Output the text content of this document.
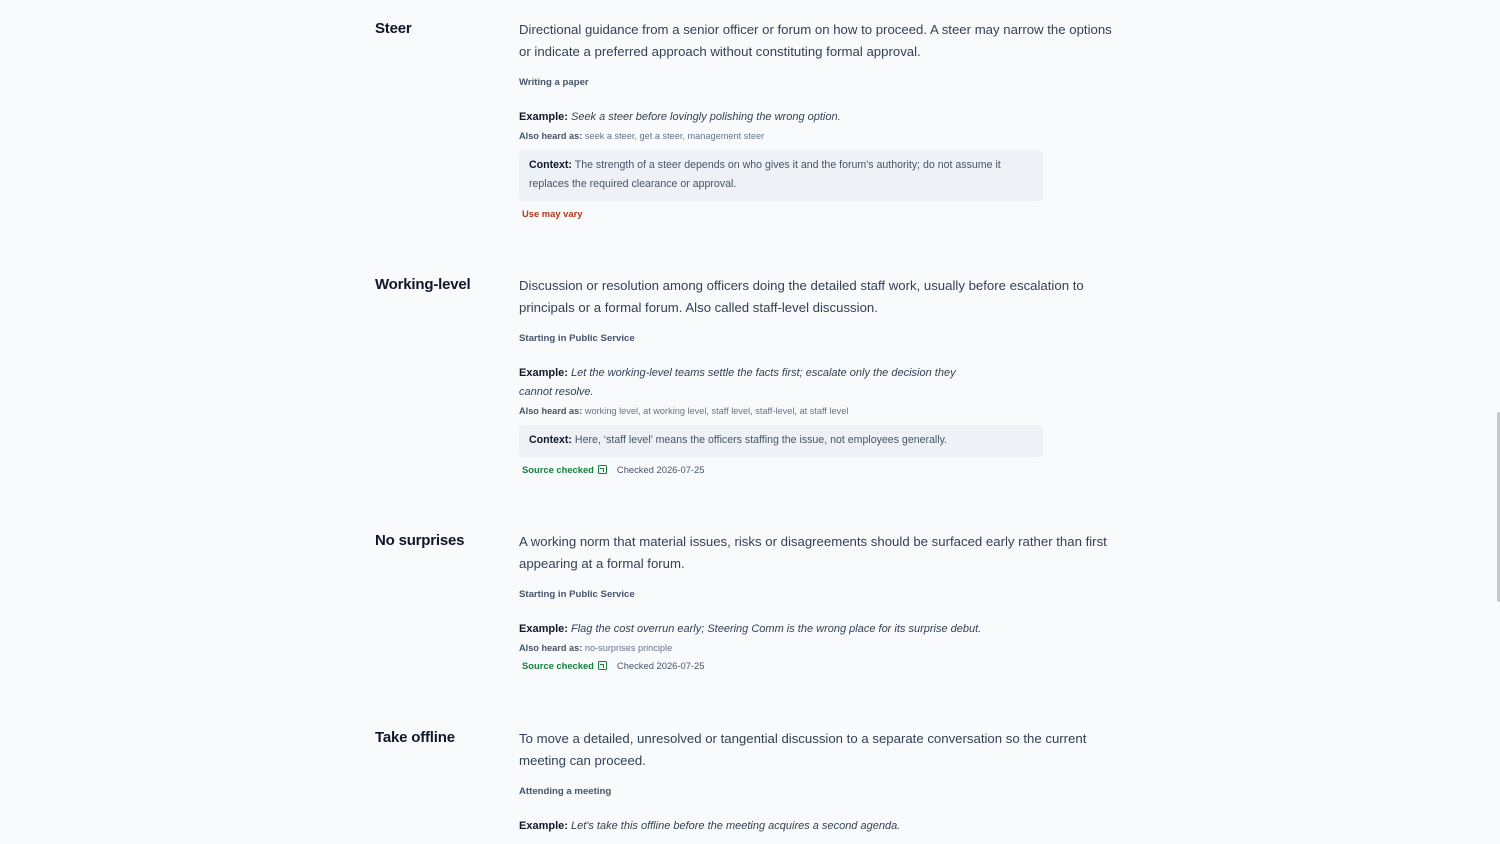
Steer	Directional guidance from a senior officer or forum on how to proceed. A steer may narrow the options or indicate a preferred approach without constituting formal approval.

Writing a paper
Example: Seek a steer before lovingly polishing the wrong option.
Also heard as: seek a steer, get a steer, management steer
Context: The strength of a steer depends on who gives it and the forum's authority; do not assume it replaces the required clearance or approval.
Use may vary
Working-level	Discussion or resolution among officers doing the detailed staff work, usually before escalation to principals or a formal forum. Also called staff-level discussion.

Starting in Public Service
Example: Let the working-level teams settle the facts first; escalate only the decision they cannot resolve.
Also heard as: working level, at working level, staff level, staff-level, at staff level
Context: Here, ‘staff level’ means the officers staffing the issue, not employees generally.
Source checked Checked 2026-07-25
No surprises	A working norm that material issues, risks or disagreements should be surfaced early rather than first appearing at a formal forum.

Starting in Public Service
Example: Flag the cost overrun early; Steering Comm is the wrong place for its surprise debut.
Also heard as: no-surprises principle
Source checked Checked 2026-07-25
Take offline	To move a detailed, unresolved or tangential discussion to a separate conversation so the current meeting can proceed.

Attending a meeting
Example: Let's take this offline before the meeting acquires a second agenda.
